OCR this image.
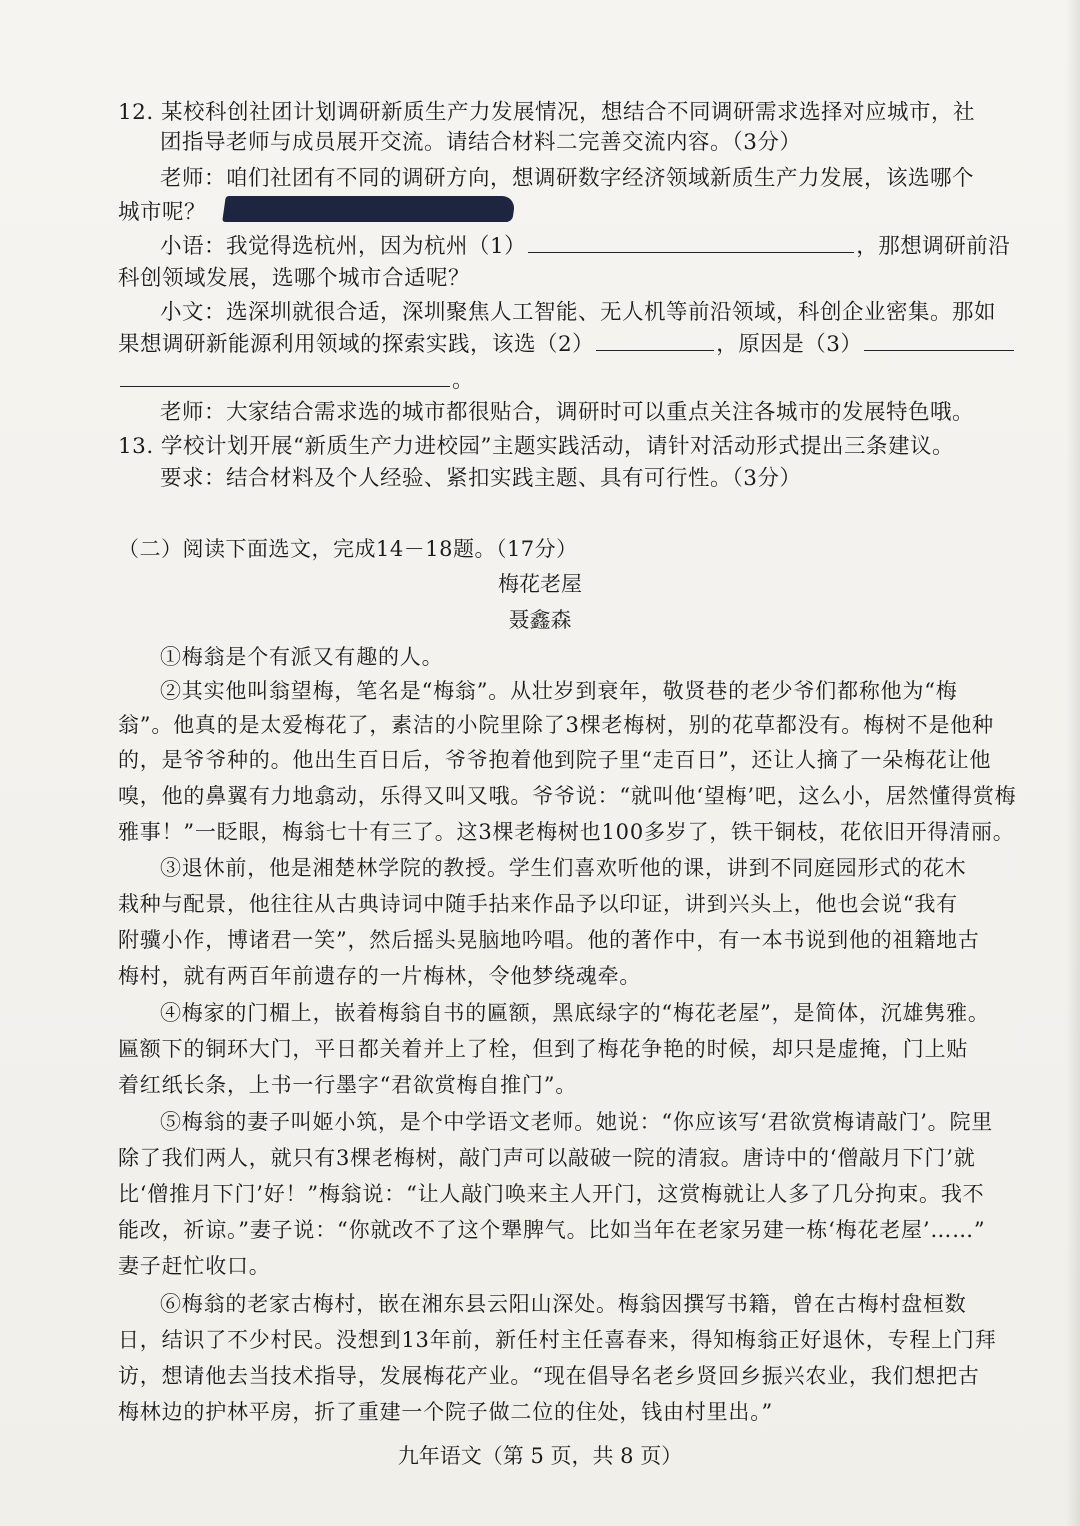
12. 某校科创社团计划调研新质生产力发展情况，想结合不同调研需求选择对应城市，社
团指导老师与成员展开交流。请结合材料二完善交流内容。（3分）
老师：咱们社团有不同的调研方向，想调研数字经济领域新质生产力发展，该选哪个
城市呢？
小语：我觉得选杭州，因为杭州（1）	，那想调研前沿
科创领域发展，选哪个城市合适呢？
小文：选深圳就很合适，深圳聚焦人工智能、无人机等前沿领域，科创企业密集。那如
果想调研新能源利用领域的探索实践，该选（2）	，原因是（3）
。
老师：大家结合需求选的城市都很贴合，调研时可以重点关注各城市的发展特色哦。
13. 学校计划开展“新质生产力进校园”主题实践活动，请针对活动形式提出三条建议。
要求：结合材料及个人经验、紧扣实践主题、具有可行性。（3分）
（二）阅读下面选文，完成14－18题。（17分）
梅花老屋
聂鑫森
①梅翁是个有派又有趣的人。
②其实他叫翁望梅，笔名是“梅翁”。从壮岁到衰年，敬贤巷的老少爷们都称他为“梅
翁”。他真的是太爱梅花了，素洁的小院里除了3棵老梅树，别的花草都没有。梅树不是他种
的，是爷爷种的。他出生百日后，爷爷抱着他到院子里“走百日”，还让人摘了一朵梅花让他
嗅，他的鼻翼有力地翕动，乐得又叫又哦。爷爷说：“就叫他‘望梅’吧，这么小，居然懂得赏梅
雅事！”一眨眼，梅翁七十有三了。这3棵老梅树也100多岁了，铁干铜枝，花依旧开得清丽。
③退休前，他是湘楚林学院的教授。学生们喜欢听他的课，讲到不同庭园形式的花木
栽种与配景，他往往从古典诗词中随手拈来作品予以印证，讲到兴头上，他也会说“我有
附骥小作，博诸君一笑”，然后摇头晃脑地吟唱。他的著作中，有一本书说到他的祖籍地古
梅村，就有两百年前遗存的一片梅林，令他梦绕魂牵。
④梅家的门楣上，嵌着梅翁自书的匾额，黑底绿字的“梅花老屋”，是简体，沉雄隽雅。
匾额下的铜环大门，平日都关着并上了栓，但到了梅花争艳的时候，却只是虚掩，门上贴
着红纸长条，上书一行墨字“君欲赏梅自推门”。
⑤梅翁的妻子叫姬小筑，是个中学语文老师。她说：“你应该写‘君欲赏梅请敲门’。院里
除了我们两人，就只有3棵老梅树，敲门声可以敲破一院的清寂。唐诗中的‘僧敲月下门’就
比‘僧推月下门’好！”梅翁说：“让人敲门唤来主人开门，这赏梅就让人多了几分拘束。我不
能改，祈谅。”妻子说：“你就改不了这个犟脾气。比如当年在老家另建一栋‘梅花老屋’……”
妻子赶忙收口。
⑥梅翁的老家古梅村，嵌在湘东县云阳山深处。梅翁因撰写书籍，曾在古梅村盘桓数
日，结识了不少村民。没想到13年前，新任村主任喜春来，得知梅翁正好退休，专程上门拜
访，想请他去当技术指导，发展梅花产业。“现在倡导名老乡贤回乡振兴农业，我们想把古
梅林边的护林平房，折了重建一个院子做二位的住处，钱由村里出。”
九年语文（第 5 页，共 8 页）
